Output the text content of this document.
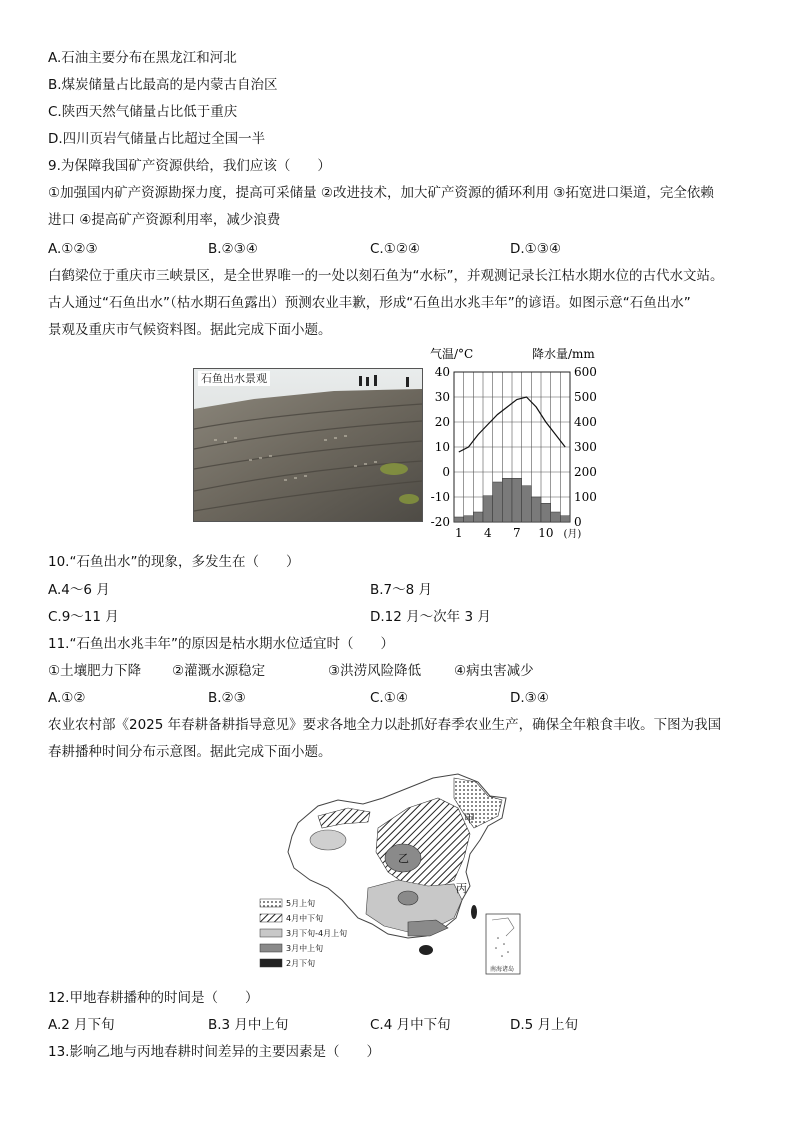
A.石油主要分布在黑龙江和河北
B.煤炭储量占比最高的是内蒙古自治区
C.陕西天然气储量占比低于重庆
D.四川页岩气储量占比超过全国一半
9.为保障我国矿产资源供给，我们应该（　　）
①加强国内矿产资源勘探力度，提高可采储量 ②改进技术，加大矿产资源的循环利用 ③拓宽进口渠道，完全依赖
进口 ④提高矿产资源利用率，减少浪费
A.①②③	B.②③④	C.①②④	D.①③④
白鹤梁位于重庆市三峡景区，是全世界唯一的一处以刻石鱼为“水标”，并观测记录长江枯水期水位的古代水文站。
古人通过“石鱼出水”（枯水期石鱼露出）预测农业丰歉，形成“石鱼出水兆丰年”的谚语。如图示意“石鱼出水”
景观及重庆市气候资料图。据此完成下面小题。
石鱼出水景观
气温/°C	降水量/mm
40
30
20
10
0
-10
-20
600
500
400
300
200
100
0
1 4 7 10 (月)
10.“石鱼出水”的现象，多发生在（　　）
A.4～6 月	B.7～8 月
C.9～11 月	D.12 月～次年 3 月
11.“石鱼出水兆丰年”的原因是枯水期水位适宜时（　　）
①土壤肥力下降 ②灌溉水源稳定	③洪涝风险降低 ④病虫害减少
A.①②	B.②③	C.①④	D.③④
农业农村部《2025 年春耕备耕指导意见》要求各地全力以赴抓好春季农业生产，确保全年粮食丰收。下图为我国
春耕播种时间分布示意图。据此完成下面小题。
甲
乙
丙
5月上旬
4月中下旬
3月下旬-4月上旬
3月中上旬
2月下旬
南海诸岛
12.甲地春耕播种的时间是（　　）
A.2 月下旬	B.3 月中上旬	C.4 月中下旬	D.5 月上旬
13.影响乙地与丙地春耕时间差异的主要因素是（　　）
